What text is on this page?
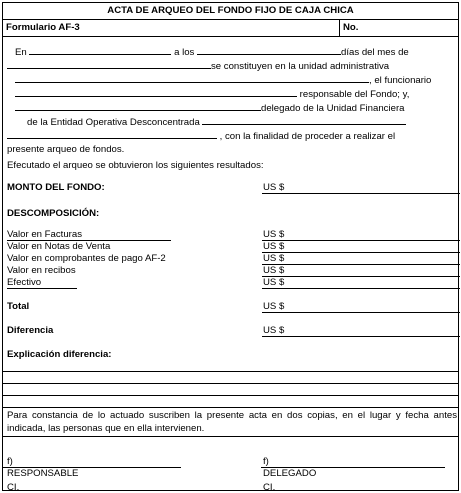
ACTA DE ARQUEO DEL FONDO FIJO DE CAJA CHICA
Formulario AF-3	No.
En	a los	días del mes de
se constituyen en la unidad administrativa
, el funcionario
responsable del Fondo; y,
delegado de la Unidad Financiera
de la Entidad Operativa Desconcentrada
, con la finalidad de proceder a realizar el
presente arqueo de fondos.
Efecutado el arqueo se obtuvieron los siguientes resultados:
MONTO DEL FONDO:	US $
DESCOMPOSICIÓN:
Valor en Facturas	US $
Valor en Notas de Venta	US $
Valor en comprobantes de pago AF-2	US $
Valor en recibos	US $
Efectivo	US $
Total	US $
Diferencia	US $
Explicación diferencia:
Para constancia de lo actuado suscriben la presente acta en dos copias, en el lugar y fecha antes indicada, las personas que en ella intervienen.
f)
RESPONSABLE
CI.
f)
DELEGADO
CI.
